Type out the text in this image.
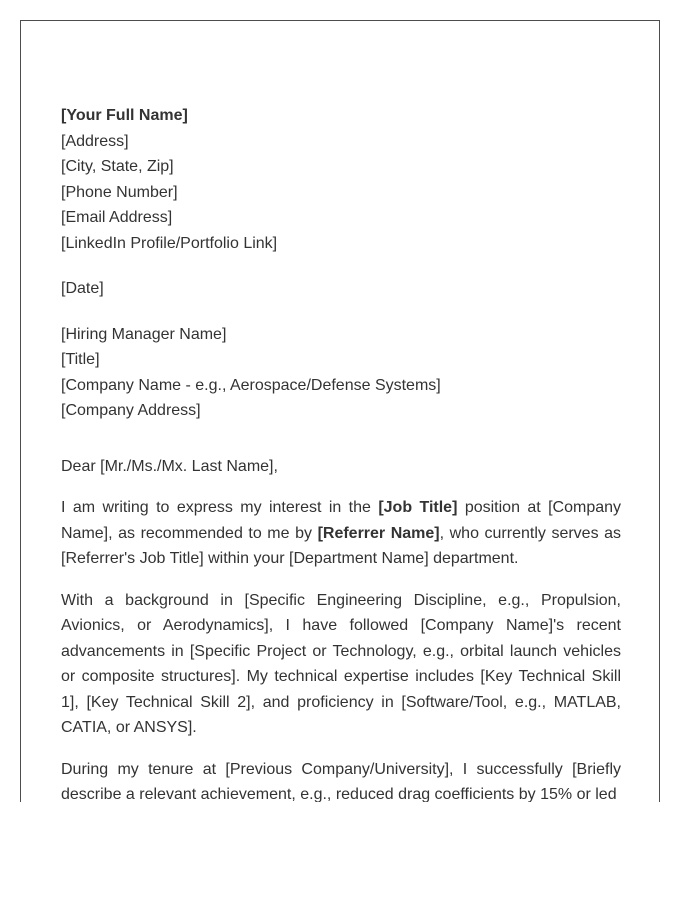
[Your Full Name]
[Address]
[City, State, Zip]
[Phone Number]
[Email Address]
[LinkedIn Profile/Portfolio Link]
[Date]
[Hiring Manager Name]
[Title]
[Company Name - e.g., Aerospace/Defense Systems]
[Company Address]
Dear [Mr./Ms./Mx. Last Name],

I am writing to express my interest in the [Job Title] position at [Company Name], as recommended to me by [Referrer Name], who currently serves as [Referrer's Job Title] within your [Department Name] department.

With a background in [Specific Engineering Discipline, e.g., Propulsion, Avionics, or Aerodynamics], I have followed [Company Name]'s recent advancements in [Specific Project or Technology, e.g., orbital launch vehicles or composite structures]. My technical expertise includes [Key Technical Skill 1], [Key Technical Skill 2], and proficiency in [Software/Tool, e.g., MATLAB, CATIA, or ANSYS].

During my tenure at [Previous Company/University], I successfully [Briefly describe a relevant achievement, e.g., reduced drag coefficients by 15% or led
